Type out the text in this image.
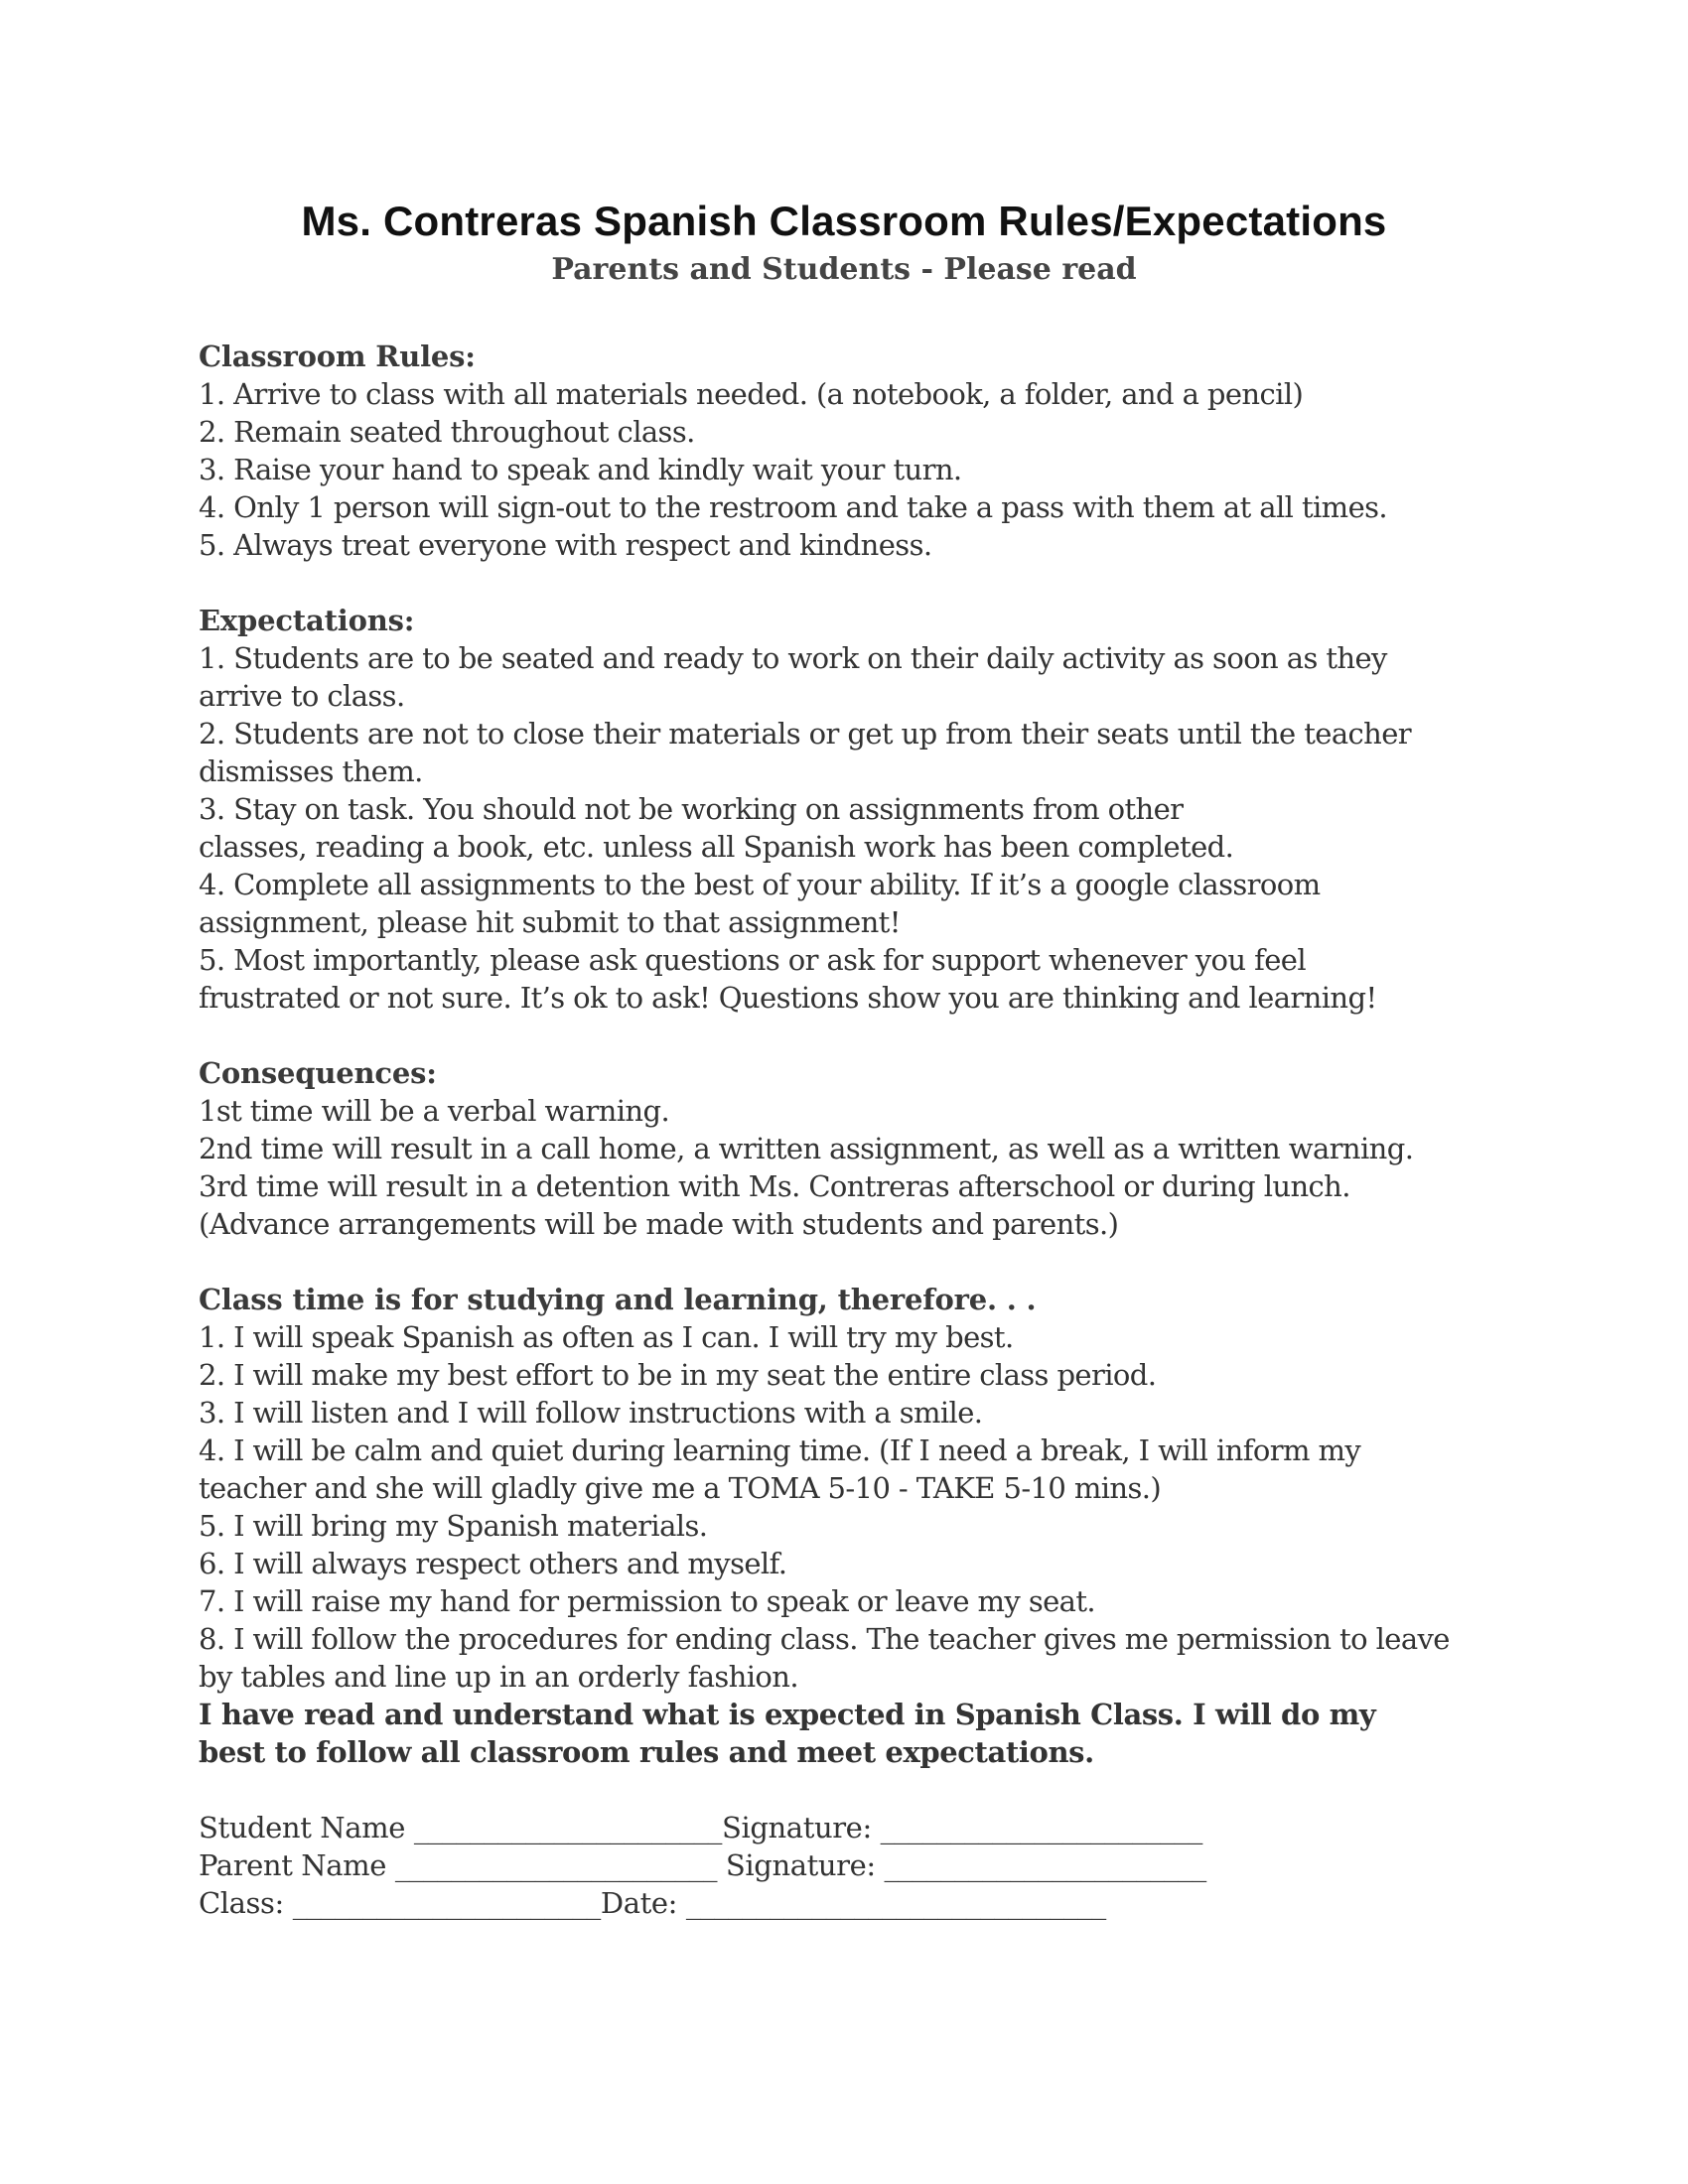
Ms. Contreras Spanish Classroom Rules/Expectations
Parents and Students - Please read
Classroom Rules:
1. Arrive to class with all materials needed. (a notebook, a folder, and a pencil)
2. Remain seated throughout class.
3. Raise your hand to speak and kindly wait your turn.
4. Only 1 person will sign-out to the restroom and take a pass with them at all times.
5. Always treat everyone with respect and kindness.
Expectations:
1. Students are to be seated and ready to work on their daily activity as soon as they
arrive to class.
2. Students are not to close their materials or get up from their seats until the teacher
dismisses them.
3. Stay on task. You should not be working on assignments from other
classes, reading a book, etc. unless all Spanish work has been completed.
4. Complete all assignments to the best of your ability. If it’s a google classroom
assignment, please hit submit to that assignment!
5. Most importantly, please ask questions or ask for support whenever you feel
frustrated or not sure. It’s ok to ask! Questions show you are thinking and learning!
Consequences:
1st time will be a verbal warning.
2nd time will result in a call home, a written assignment, as well as a written warning.
3rd time will result in a detention with Ms. Contreras afterschool or during lunch.
(Advance arrangements will be made with students and parents.)
Class time is for studying and learning, therefore. . .
1. I will speak Spanish as often as I can. I will try my best.
2. I will make my best effort to be in my seat the entire class period.
3. I will listen and I will follow instructions with a smile.
4. I will be calm and quiet during learning time. (If I need a break, I will inform my
teacher and she will gladly give me a TOMA 5-10 - TAKE 5-10 mins.)
5. I will bring my Spanish materials.
6. I will always respect others and myself.
7. I will raise my hand for permission to speak or leave my seat.
8. I will follow the procedures for ending class. The teacher gives me permission to leave
by tables and line up in an orderly fashion.
I have read and understand what is expected in Spanish Class. I will do my
best to follow all classroom rules and meet expectations.
Student Name ______________________Signature: _______________________
Parent Name _______________________ Signature: _______________________
Class: ______________________Date: ______________________________
